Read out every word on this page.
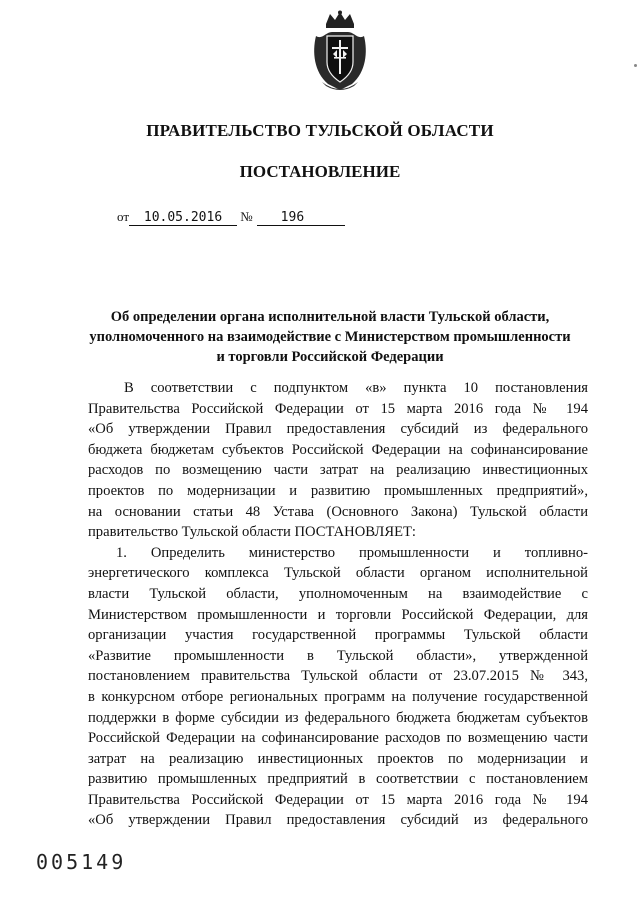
ПРАВИТЕЛЬСТВО ТУЛЬСКОЙ ОБЛАСТИ
ПОСТАНОВЛЕНИЕ
от 10.05.2016 № 196
Об определении органа исполнительной власти Тульской области,
уполномоченного на взаимодействие с Министерством промышленности
и торговли Российской Федерации
В соответствии с подпунктом «в» пункта 10 постановления
Правительства Российской Федерации от 15 марта 2016 года № 194
«Об утверждении Правил предоставления субсидий из федерального
бюджета бюджетам субъектов Российской Федерации на софинансирование
расходов по возмещению части затрат на реализацию инвестиционных
проектов по модернизации и развитию промышленных предприятий»,
на основании статьи 48 Устава (Основного Закона) Тульской области
правительство Тульской области ПОСТАНОВЛЯЕТ:
1. Определить министерство промышленности и топливно-
энергетического комплекса Тульской области органом исполнительной
власти Тульской области, уполномоченным на взаимодействие с
Министерством промышленности и торговли Российской Федерации, для
организации участия государственной программы Тульской области
«Развитие промышленности в Тульской области», утвержденной
постановлением правительства Тульской области от 23.07.2015 № 343,
в конкурсном отборе региональных программ на получение государственной
поддержки в форме субсидии из федерального бюджета бюджетам субъектов
Российской Федерации на софинансирование расходов по возмещению части
затрат на реализацию инвестиционных проектов по модернизации и
развитию промышленных предприятий в соответствии с постановлением
Правительства Российской Федерации от 15 марта 2016 года № 194
«Об утверждении Правил предоставления субсидий из федерального
005149
